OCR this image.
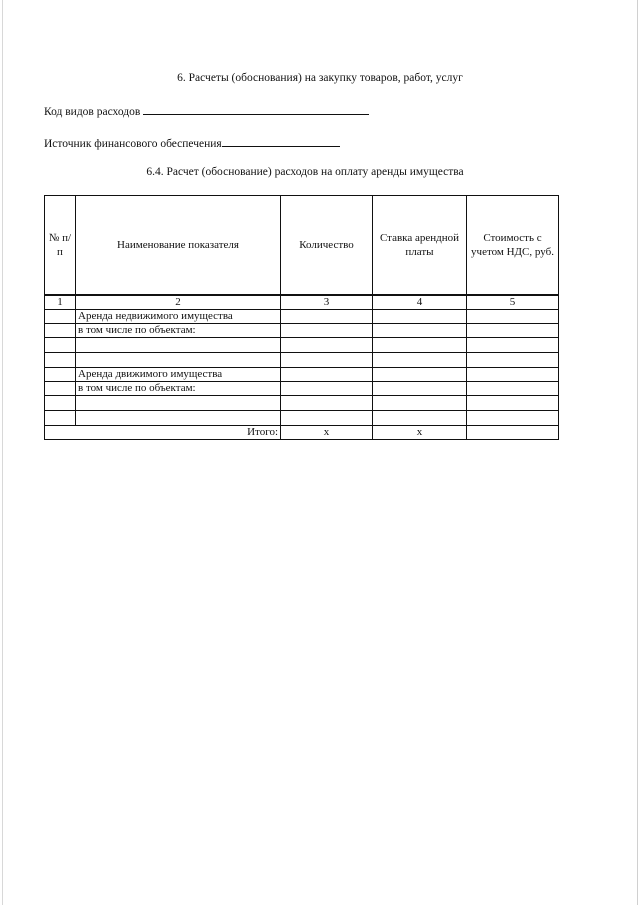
6. Расчеты (обоснования) на закупку товаров, работ, услуг
Код видов расходов
Источник финансового обеспечения
6.4. Расчет (обоснование) расходов на оплату аренды имущества
№ п/п	Наименование показателя	Количество	Ставка арендной платы	Стоимость с учетом НДС, руб.
1	2	3	4	5
	Аренда недвижимого имущества			
	в том числе по объектам:			

	Аренда движимого имущества			
	в том числе по объектам:			

Итого:		x	x	
